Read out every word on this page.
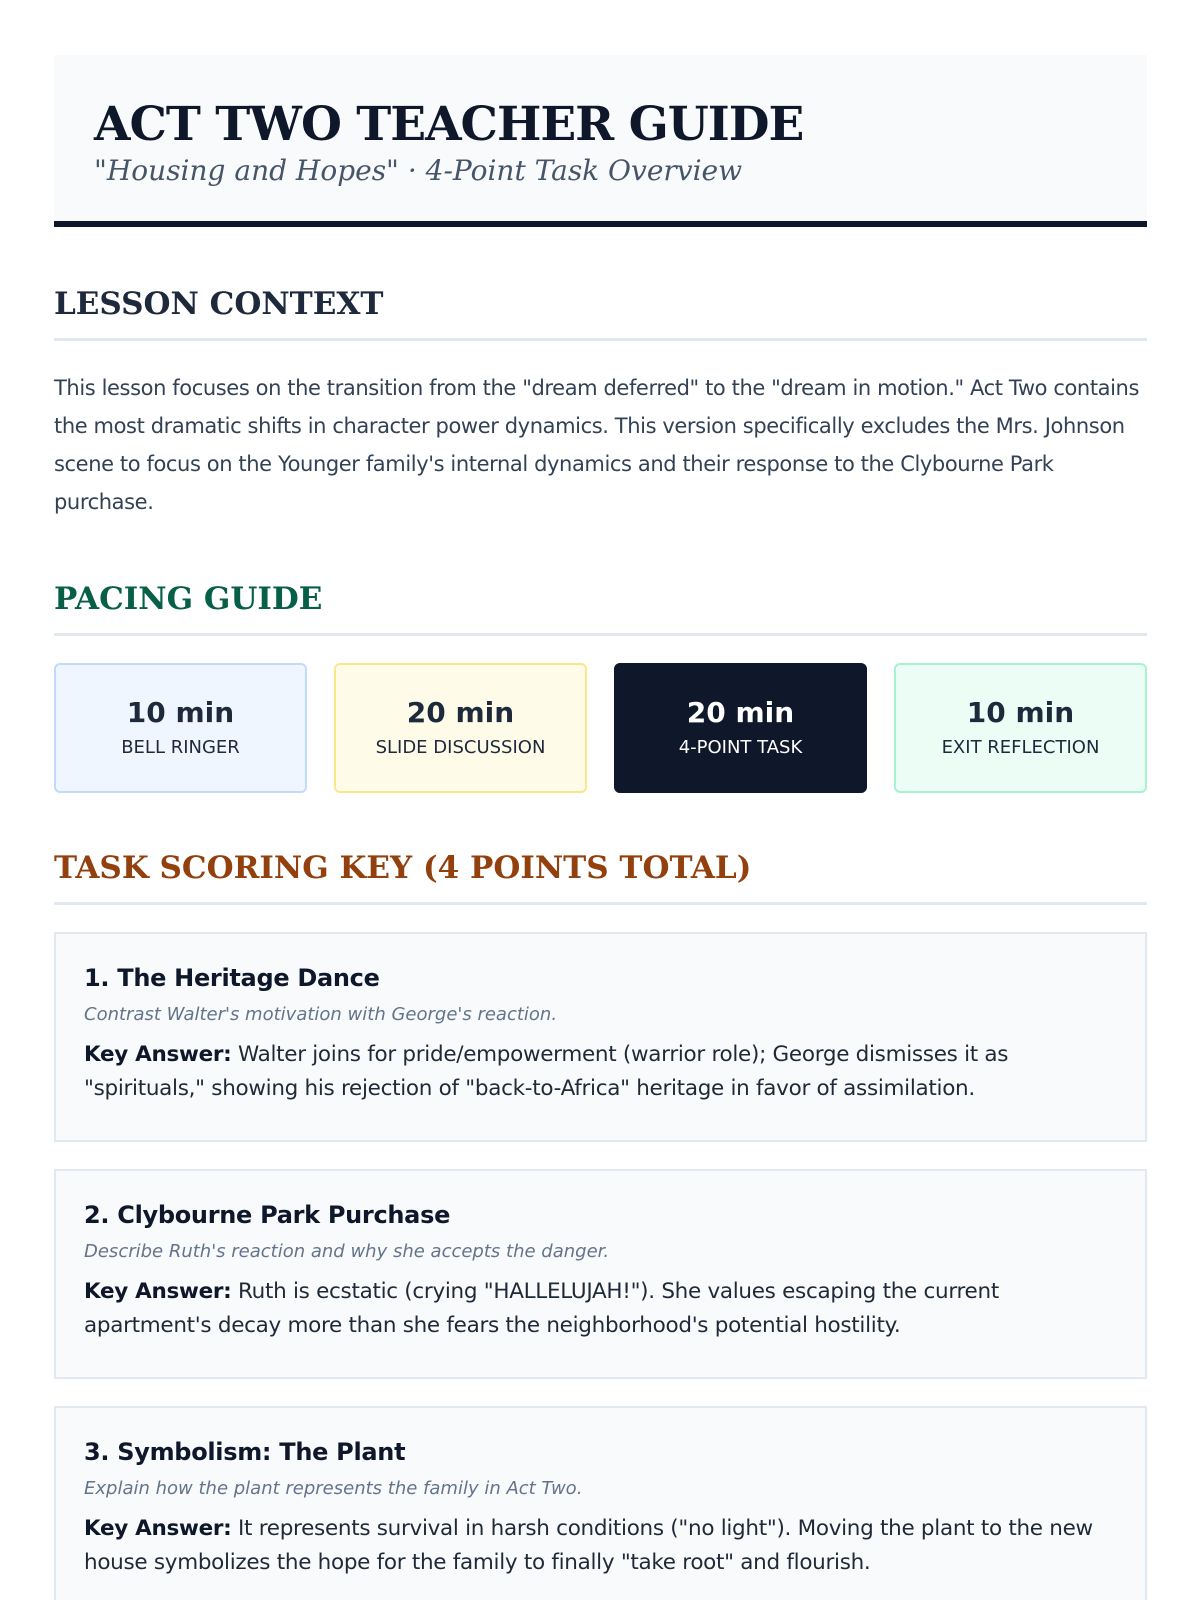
ACT TWO TEACHER GUIDE
"Housing and Hopes" · 4-Point Task Overview
LESSON CONTEXT

This lesson focuses on the transition from the "dream deferred" to the "dream in motion." Act Two contains the most dramatic shifts in character power dynamics. This version specifically excludes the Mrs. Johnson scene to focus on the Younger family's internal dynamics and their response to the Clybourne Park purchase.

PACING GUIDE
10 min
BELL RINGER
20 min
SLIDE DISCUSSION
20 min
4-POINT TASK
10 min
EXIT REFLECTION
TASK SCORING KEY (4 POINTS TOTAL)
1. The Heritage Dance
Contrast Walter's motivation with George's reaction.
Key Answer: Walter joins for pride/empowerment (warrior role); George dismisses it as "spirituals," showing his rejection of "back-to-Africa" heritage in favor of assimilation.
2. Clybourne Park Purchase
Describe Ruth's reaction and why she accepts the danger.
Key Answer: Ruth is ecstatic (crying "HALLELUJAH!"). She values escaping the current apartment's decay more than she fears the neighborhood's potential hostility.
3. Symbolism: The Plant
Explain how the plant represents the family in Act Two.
Key Answer: It represents survival in harsh conditions ("no light"). Moving the plant to the new house symbolizes the hope for the family to finally "take root" and flourish.
